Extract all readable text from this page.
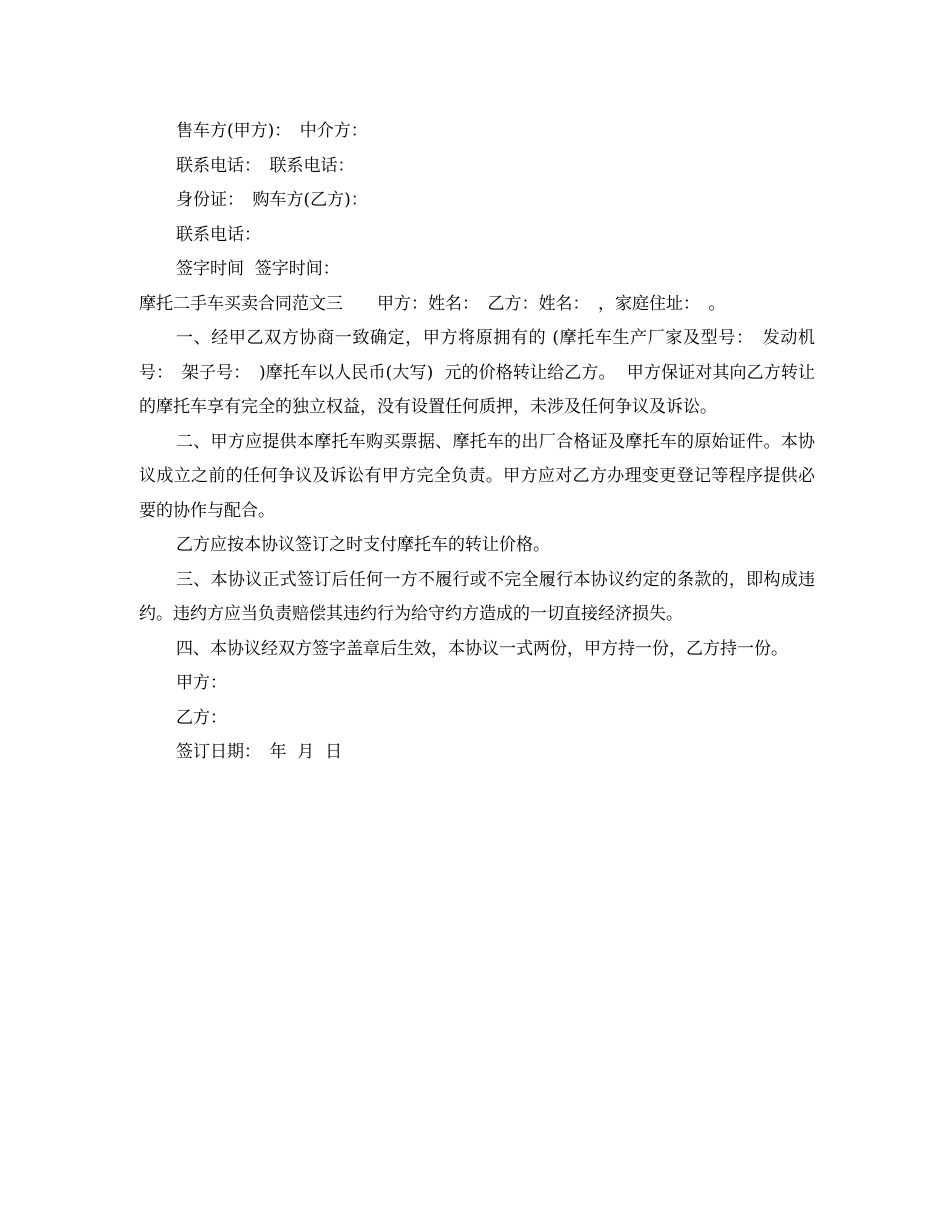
售车方(甲方)：　中介方：

联系电话：　联系电话：

身份证：　购车方(乙方)：

联系电话：

签字时间  签字时间：

摩托二手车买卖合同范文三　　甲方：姓名：　乙方：姓名：　，家庭住址：　。

一、经甲乙双方协商一致确定，甲方将原拥有的 (摩托车生产厂家及型号：　发动机号：　架子号：　)摩托车以人民币(大写)  元的价格转让给乙方。  甲方保证对其向乙方转让的摩托车享有完全的独立权益，没有设置任何质押，未涉及任何争议及诉讼。

二、甲方应提供本摩托车购买票据、摩托车的出厂合格证及摩托车的原始证件。本协议成立之前的任何争议及诉讼有甲方完全负责。甲方应对乙方办理变更登记等程序提供必要的协作与配合。

乙方应按本协议签订之时支付摩托车的转让价格。

三、本协议正式签订后任何一方不履行或不完全履行本协议约定的条款的，即构成违约。违约方应当负责赔偿其违约行为给守约方造成的一切直接经济损失。

四、本协议经双方签字盖章后生效，本协议一式两份，甲方持一份，乙方持一份。

甲方：

乙方：

签订日期：　年  月  日
